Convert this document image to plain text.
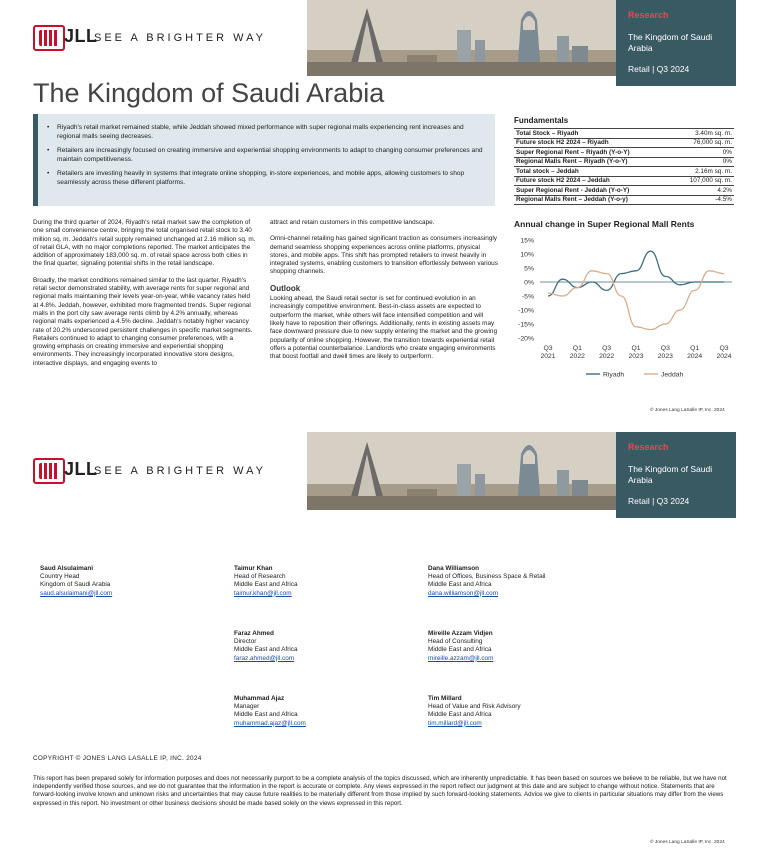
JLL
SEE A BRIGHTER WAY
Research
The Kingdom of Saudi Arabia
Retail | Q3 2024
The Kingdom of Saudi Arabia
• Riyadh's retail market remained stable, while Jeddah showed mixed performance with super regional malls experiencing rent increases and regional malls seeing decreases.
• Retailers are increasingly focused on creating immersive and experiential shopping environments to adapt to changing consumer preferences and maintain competitiveness.
• Retailers are investing heavily in systems that integrate online shopping, in-store experiences, and mobile apps, allowing customers to shop seamlessly across these different platforms.

During the third quarter of 2024, Riyadh's retail market saw the completion of one small convenience centre, bringing the total organised retail stock to 3.40 million sq. m. Jeddah's retail supply remained unchanged at 2.16 million sq. m. of retail GLA, with no major completions reported. The market anticipates the addition of approximately 183,000 sq. m. of retail space across both cities in the final quarter, signaling potential shifts in the retail landscape.

Broadly, the market conditions remained similar to the last quarter. Riyadh's retail sector demonstrated stability, with average rents for super regional and regional malls maintaining their levels year-on-year, while vacancy rates held at 4.8%. Jeddah, however, exhibited more fragmented trends. Super regional malls in the port city saw average rents climb by 4.2% annually, whereas regional malls experienced a 4.5% decline. Jeddah's notably higher vacancy rate of 20.2% underscored persistent challenges in specific market segments. Retailers continued to adapt to changing consumer preferences, with a growing emphasis on creating immersive and experiential shopping environments. They increasingly incorporated innovative store designs, interactive displays, and engaging events to

attract and retain customers in this competitive landscape.

Omni-channel retailing has gained significant traction as consumers increasingly demand seamless shopping experiences across online platforms, physical stores, and mobile apps. This shift has prompted retailers to invest heavily in integrated systems, enabling customers to transition effortlessly between various shopping channels.

Outlook

Looking ahead, the Saudi retail sector is set for continued evolution in an increasingly competitive environment. Best-in-class assets are expected to outperform the market, while others will face intensified competition and will likely have to reposition their offerings. Additionally, rents in existing assets may face downward pressure due to new supply entering the market and the growing popularity of online shopping. However, the transition towards experiential retail offers a potential counterbalance. Landlords who create engaging environments that boost footfall and dwell times are likely to outperform.

Fundamentals
Total Stock – Riyadh	3.40m sq. m.
Future stock H2 2024 – Riyadh	76,000 sq. m.
Super Regional Rent – Riyadh (Y-o-Y)	0%
Regional Malls Rent – Riyadh (Y-o-Y)	0%
Total stock – Jeddah	2.16m sq. m.
Future stock H2 2024 – Jeddah	107,000 sq. m.
Super Regional Rent - Jeddah (Y-o-Y)	4.2%
Regional Malls Rent – Jeddah (Y-o-y)	-4.5%
Annual change in Super Regional Mall Rents
15%
10%
5%
0%
-5%
-10%
-15%
-20%
Q3
2021
Q1
2022
Q3
2022
Q1
2023
Q3
2023
Q1
2024
Q3
2024
Riyadh	Jeddah
© Jones Lang LaSalle IP, Inc. 2024
JLL
SEE A BRIGHTER WAY
Research
The Kingdom of Saudi Arabia
Retail | Q3 2024
Saud Alsulaimani
Country Head
Kingdom of Saudi Arabia
saud.alsulaimani@jll.com
Taimur Khan
Head of Research
Middle East and Africa
taimur.khan@jll.com
Dana Williamson
Head of Offices, Business Space & Retail
Middle East and Africa
dana.williamson@jll.com
Faraz Ahmed
Director
Middle East and Africa
faraz.ahmed@jll.com
Mireille Azzam Vidjen
Head of Consulting
Middle East and Africa
mireille.azzam@jll.com
Muhammad Ajaz
Manager
Middle East and Africa
muhammad.ajaz@jll.com
Tim Millard
Head of Value and Risk Advisory
Middle East and Africa
tim.millard@jll.com
COPYRIGHT © JONES LANG LASALLE IP, INC. 2024
This report has been prepared solely for information purposes and does not necessarily purport to be a complete analysis of the topics discussed, which are inherently unpredictable. It has been based on sources we believe to be reliable, but we have not independently verified those sources, and we do not guarantee that the information in the report is accurate or complete. Any views expressed in the report reflect our judgment at this date and are subject to change without notice. Statements that are forward-looking involve known and unknown risks and uncertainties that may cause future realities to be materially different from those implied by such forward-looking statements. Advice we give to clients in particular situations may differ from the views expressed in this report. No investment or other business decisions should be made based solely on the views expressed in this report.
© Jones Lang LaSalle IP, Inc. 2024
